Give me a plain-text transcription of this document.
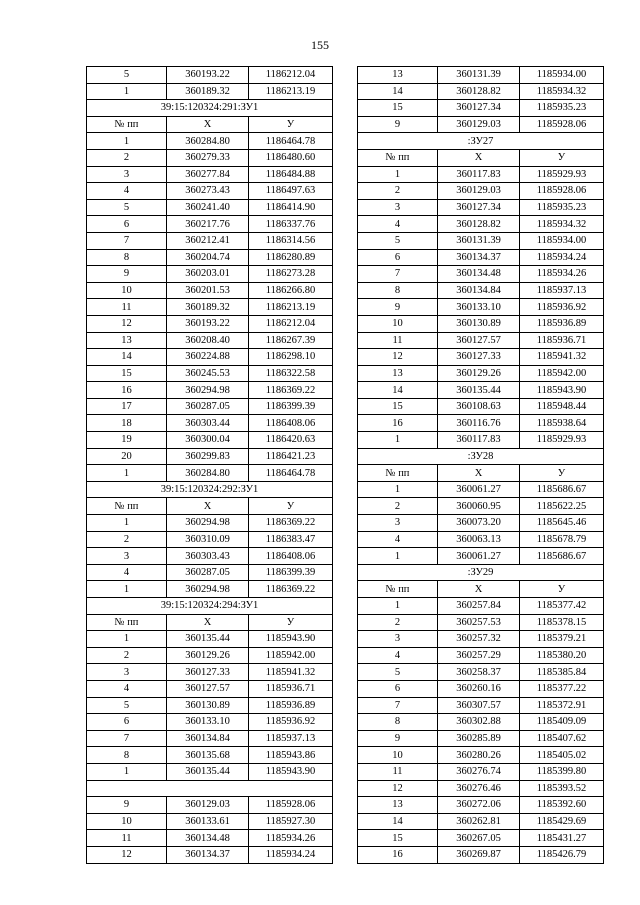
155
5	360193.22	1186212.04
1	360189.32	1186213.19
39:15:120324:291:ЗУ1		
№ пп	Х	У
1	360284.80	1186464.78
2	360279.33	1186480.60
3	360277.84	1186484.88
4	360273.43	1186497.63
5	360241.40	1186414.90
6	360217.76	1186337.76
7	360212.41	1186314.56
8	360204.74	1186280.89
9	360203.01	1186273.28
10	360201.53	1186266.80
11	360189.32	1186213.19
12	360193.22	1186212.04
13	360208.40	1186267.39
14	360224.88	1186298.10
15	360245.53	1186322.58
16	360294.98	1186369.22
17	360287.05	1186399.39
18	360303.44	1186408.06
19	360300.04	1186420.63
20	360299.83	1186421.23
1	360284.80	1186464.78
39:15:120324:292:ЗУ1		
№ пп	Х	У
1	360294.98	1186369.22
2	360310.09	1186383.47
3	360303.43	1186408.06
4	360287.05	1186399.39
1	360294.98	1186369.22
39:15:120324:294:ЗУ1		
№ пп	Х	У
1	360135.44	1185943.90
2	360129.26	1185942.00
3	360127.33	1185941.32
4	360127.57	1185936.71
5	360130.89	1185936.89
6	360133.10	1185936.92
7	360134.84	1185937.13
8	360135.68	1185943.86
1	360135.44	1185943.90

9	360129.03	1185928.06
10	360133.61	1185927.30
11	360134.48	1185934.26
12	360134.37	1185934.24
13	360131.39	1185934.00
14	360128.82	1185934.32
15	360127.34	1185935.23
9	360129.03	1185928.06
:ЗУ27		
№ пп	Х	У
1	360117.83	1185929.93
2	360129.03	1185928.06
3	360127.34	1185935.23
4	360128.82	1185934.32
5	360131.39	1185934.00
6	360134.37	1185934.24
7	360134.48	1185934.26
8	360134.84	1185937.13
9	360133.10	1185936.92
10	360130.89	1185936.89
11	360127.57	1185936.71
12	360127.33	1185941.32
13	360129.26	1185942.00
14	360135.44	1185943.90
15	360108.63	1185948.44
16	360116.76	1185938.64
1	360117.83	1185929.93
:ЗУ28		
№ пп	Х	У
1	360061.27	1185686.67
2	360060.95	1185622.25
3	360073.20	1185645.46
4	360063.13	1185678.79
1	360061.27	1185686.67
:ЗУ29		
№ пп	Х	У
1	360257.84	1185377.42
2	360257.53	1185378.15
3	360257.32	1185379.21
4	360257.29	1185380.20
5	360258.37	1185385.84
6	360260.16	1185377.22
7	360307.57	1185372.91
8	360302.88	1185409.09
9	360285.89	1185407.62
10	360280.26	1185405.02
11	360276.74	1185399.80
12	360276.46	1185393.52
13	360272.06	1185392.60
14	360262.81	1185429.69
15	360267.05	1185431.27
16	360269.87	1185426.79
